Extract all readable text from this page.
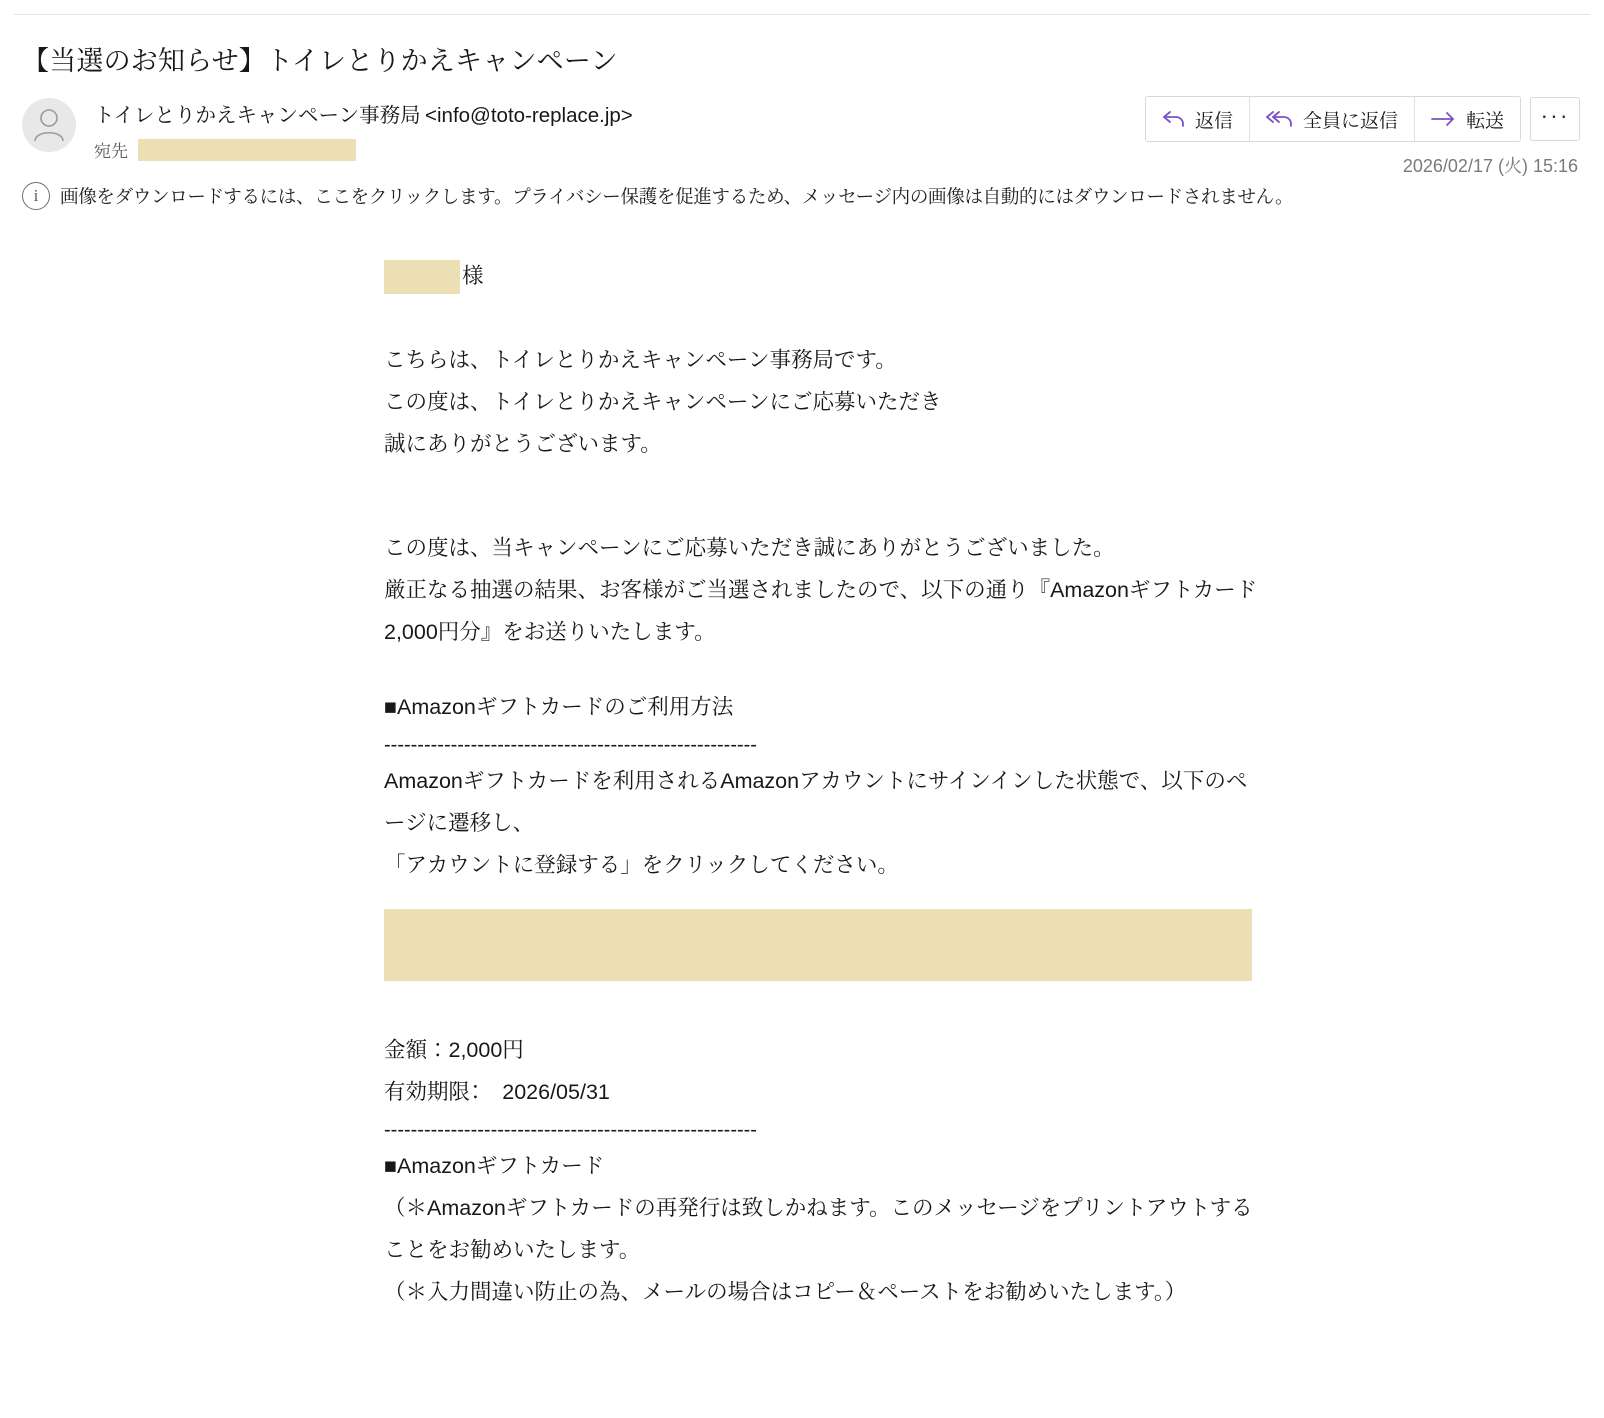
【当選のお知らせ】トイレとりかえキャンペーン
トイレとりかえキャンペーン事務局 <info@toto-replace.jp>
宛先
返信	全員に返信	転送	···
2026/02/17 (火) 15:16
i	画像をダウンロードするには、ここをクリックします。プライバシー保護を促進するため、メッセージ内の画像は自動的にはダウンロードされません。
様

こちらは、トイレとりかえキャンペーン事務局です。

この度は、トイレとりかえキャンペーンにご応募いただき

誠にありがとうございます。

この度は、当キャンペーンにご応募いただき誠にありがとうございました。

厳正なる抽選の結果、お客様がご当選されましたので、以下の通り『Amazonギフトカード

2,000円分』をお送りいたします。

■Amazonギフトカードのご利用方法

--------------------------------------------------------

Amazonギフトカードを利用されるAmazonアカウントにサインインした状態で、以下のペ

ージに遷移し、

「アカウントに登録する」をクリックしてください。

金額：2,000円

有効期限：　2026/05/31

--------------------------------------------------------

■Amazonギフトカード

（＊Amazonギフトカードの再発行は致しかねます。このメッセージをプリントアウトする

ことをお勧めいたします。

（＊入力間違い防止の為、メールの場合はコピー＆ペーストをお勧めいたします。）
